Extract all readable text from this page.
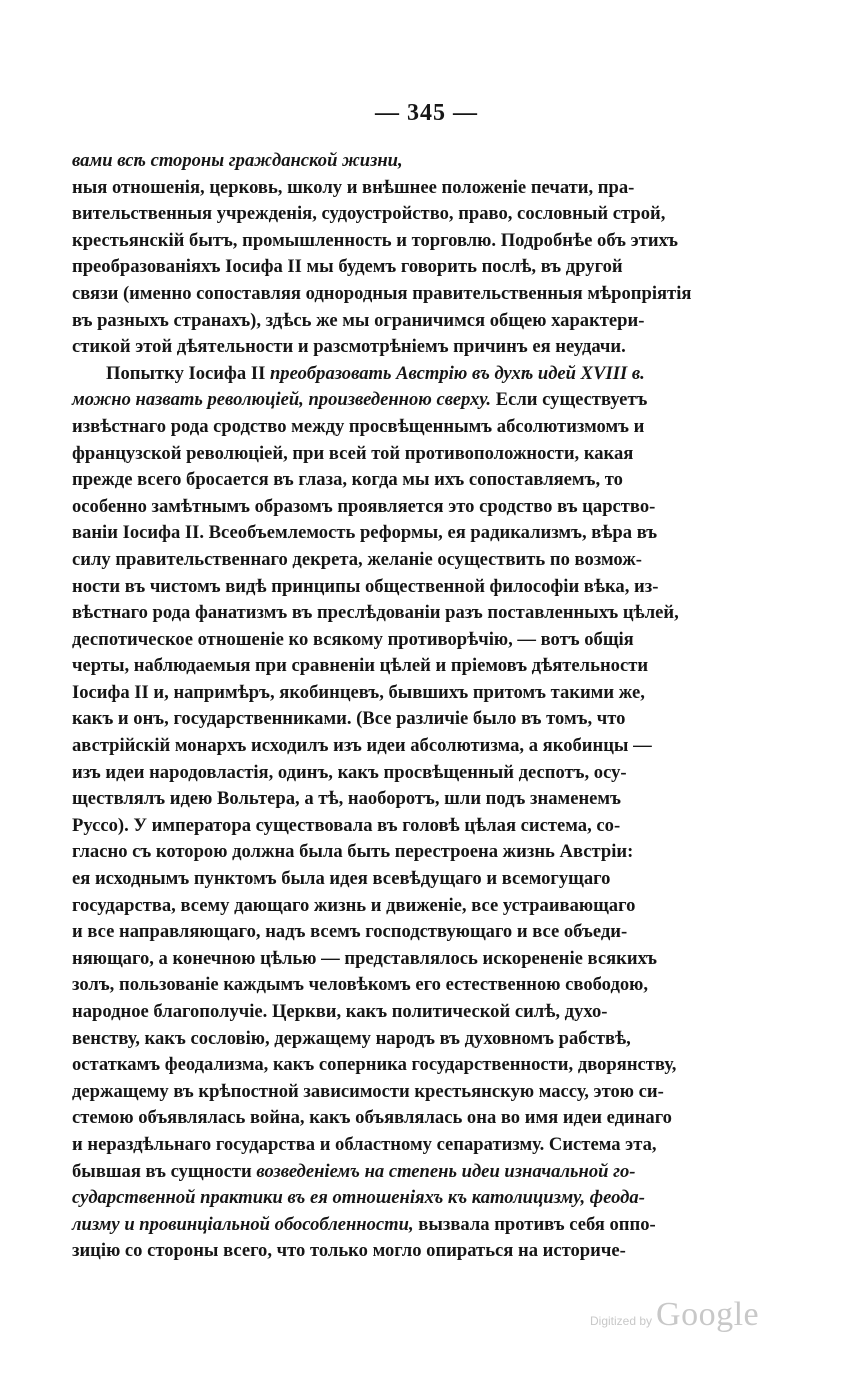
— 345 —
вами всѣ стороны гражданской жизни,
ныя отношенія, церковь, школу и внѣшнее положеніе печати, пра-
вительственныя учрежденія, судоустройство, право, сословный строй,
крестьянскій бытъ, промышленность и торговлю. Подробнѣе объ этихъ
преобразованіяхъ Іосифа II мы будемъ говорить послѣ, въ другой
связи (именно сопоставляя однородныя правительственныя мѣропріятія
въ разныхъ странахъ), здѣсь же мы ограничимся общею характери-
стикой этой дѣятельности и разсмотрѣніемъ причинъ ея неудачи.
Попытку Іосифа II преобразовать Австрію въ духѣ идей XVIII в.
можно назвать революціей, произведенною сверху. Если существуетъ
извѣстнаго рода сродство между просвѣщеннымъ абсолютизмомъ и
французской революціей, при всей той противоположности, какая
прежде всего бросается въ глаза, когда мы ихъ сопоставляемъ, то
особенно замѣтнымъ образомъ проявляется это сродство въ царство-
ваніи Іосифа II. Всеобъемлемость реформы, ея радикализмъ, вѣра въ
силу правительственнаго декрета, желаніе осуществить по возмож-
ности въ чистомъ видѣ принципы общественной философіи вѣка, из-
вѣстнаго рода фанатизмъ въ преслѣдованіи разъ поставленныхъ цѣлей,
деспотическое отношеніе ко всякому противорѣчію, — вотъ общія
черты, наблюдаемыя при сравненіи цѣлей и пріемовъ дѣятельности
Іосифа II и, напримѣръ, якобинцевъ, бывшихъ притомъ такими же,
какъ и онъ, государственниками. (Все различіе было въ томъ, что
австрійскій монархъ исходилъ изъ идеи абсолютизма, а якобинцы —
изъ идеи народовластія, одинъ, какъ просвѣщенный деспотъ, осу-
ществлялъ идею Вольтера, а тѣ, наоборотъ, шли подъ знаменемъ
Руссо). У императора существовала въ головѣ цѣлая система, со-
гласно съ которою должна была быть перестроена жизнь Австріи:
ея исходнымъ пунктомъ была идея всевѣдущаго и всемогущаго
государства, всему дающаго жизнь и движеніе, все устраивающаго
и все направляющаго, надъ всемъ господствующаго и все объеди-
няющаго, а конечною цѣлью — представлялось искорененіе всякихъ
золъ, пользованіе каждымъ человѣкомъ его естественною свободою,
народное благополучіе. Церкви, какъ политической силѣ, духо-
венству, какъ сословію, держащему народъ въ духовномъ рабствѣ,
остаткамъ феодализма, какъ соперника государственности, дворянству,
держащему въ крѣпостной зависимости крестьянскую массу, этою си-
стемою объявлялась война, какъ объявлялась она во имя идеи единаго
и нераздѣльнаго государства и областному сепаратизму. Система эта,
бывшая въ сущности возведеніемъ на степень идеи изначальной го-
сударственной практики въ ея отношеніяхъ къ католицизму, феода-
лизму и провинціальной обособленности, вызвала противъ себя оппо-
зицію со стороны всего, что только могло опираться на историче-
Digitized by Google
